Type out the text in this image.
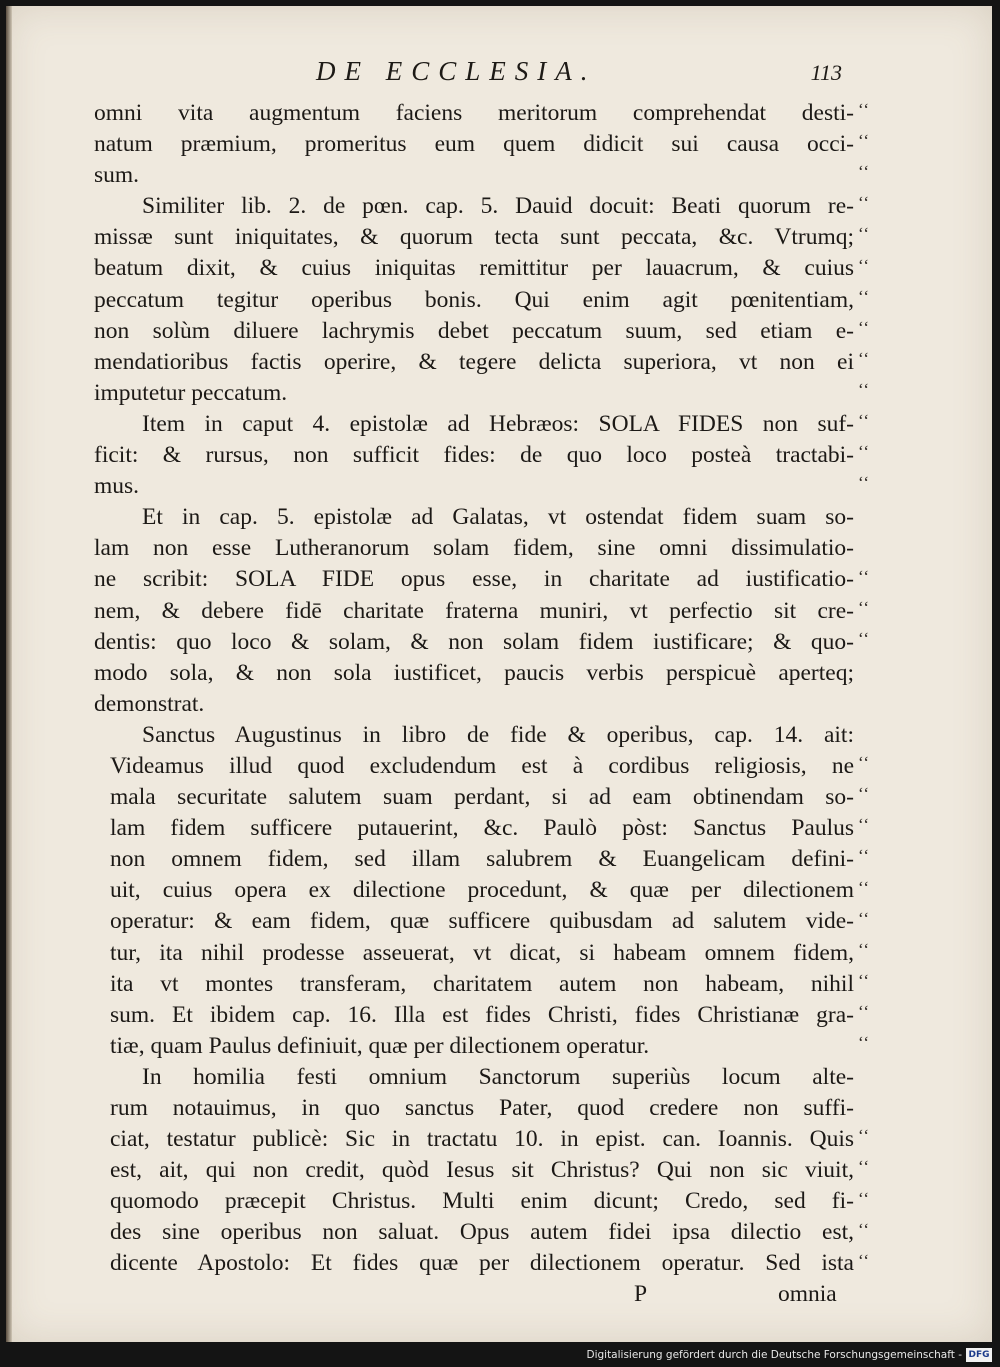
DE ECCLESIA.	113
omni vita augmentum faciens meritorum comprehendat desti-
natum præmium, promeritus eum quem didicit sui causa occi-
sum.
Similiter lib. 2. de pœn. cap. 5. Dauid docuit: Beati quorum re-
missæ sunt iniquitates, & quorum tecta sunt peccata, &c. Vtrumq;
beatum dixit, & cuius iniquitas remittitur per lauacrum, & cuius
peccatum tegitur operibus bonis. Qui enim agit pœnitentiam,
non solùm diluere lachrymis debet peccatum suum, sed etiam e-
mendatioribus factis operire, & tegere delicta superiora, vt non ei
imputetur peccatum.
Item in caput 4. epistolæ ad Hebræos: SOLA FIDES non suf-
ficit: & rursus, non sufficit fides: de quo loco posteà tractabi-
mus.
Et in cap. 5. epistolæ ad Galatas, vt ostendat fidem suam so-
lam non esse Lutheranorum solam fidem, sine omni dissimulatio-
ne scribit: SOLA FIDE opus esse, in charitate ad iustificatio-
nem, & debere fidē charitate fraterna muniri, vt perfectio sit cre-
dentis: quo loco & solam, & non solam fidem iustificare; & quo-
modo sola, & non sola iustificet, paucis verbis perspicuè aperteq;
demonstrat.
Sanctus Augustinus in libro de fide & operibus, cap. 14. ait:
Videamus illud quod excludendum est à cordibus religiosis, ne
mala securitate salutem suam perdant, si ad eam obtinendam so-
lam fidem sufficere putauerint, &c. Paulò pòst: Sanctus Paulus
non omnem fidem, sed illam salubrem & Euangelicam defini-
uit, cuius opera ex dilectione procedunt, & quæ per dilectionem
operatur: & eam fidem, quæ sufficere quibusdam ad salutem vide-
tur, ita nihil prodesse asseuerat, vt dicat, si habeam omnem fidem,
ita vt montes transferam, charitatem autem non habeam, nihil
sum. Et ibidem cap. 16. Illa est fides Christi, fides Christianæ gra-
tiæ, quam Paulus definiuit, quæ per dilectionem operatur.
In homilia festi omnium Sanctorum superiùs locum alte-
rum notauimus, in quo sanctus Pater, quod credere non suffi-
ciat, testatur publicè: Sic in tractatu 10. in epist. can. Ioannis. Quis
est, ait, qui non credit, quòd Iesus sit Christus? Qui non sic viuit,
quomodo præcepit Christus. Multi enim dicunt; Credo, sed fi-
des sine operibus non saluat. Opus autem fidei ipsa dilectio est,
dicente Apostolo: Et fides quæ per dilectionem operatur. Sed ista
P	omnia
‘‘
‘‘
‘‘
‘‘
‘‘
‘‘
‘‘
‘‘
‘‘
‘‘
‘‘
‘‘
‘‘
‘‘
‘‘
‘‘
‘‘
‘‘
‘‘
‘‘
‘‘
‘‘
‘‘
‘‘
‘‘
‘‘
‘‘
‘‘
‘‘
‘‘
‘‘
Digitalisierung gefördert durch die Deutsche Forschungsgemeinschaft - DFG
